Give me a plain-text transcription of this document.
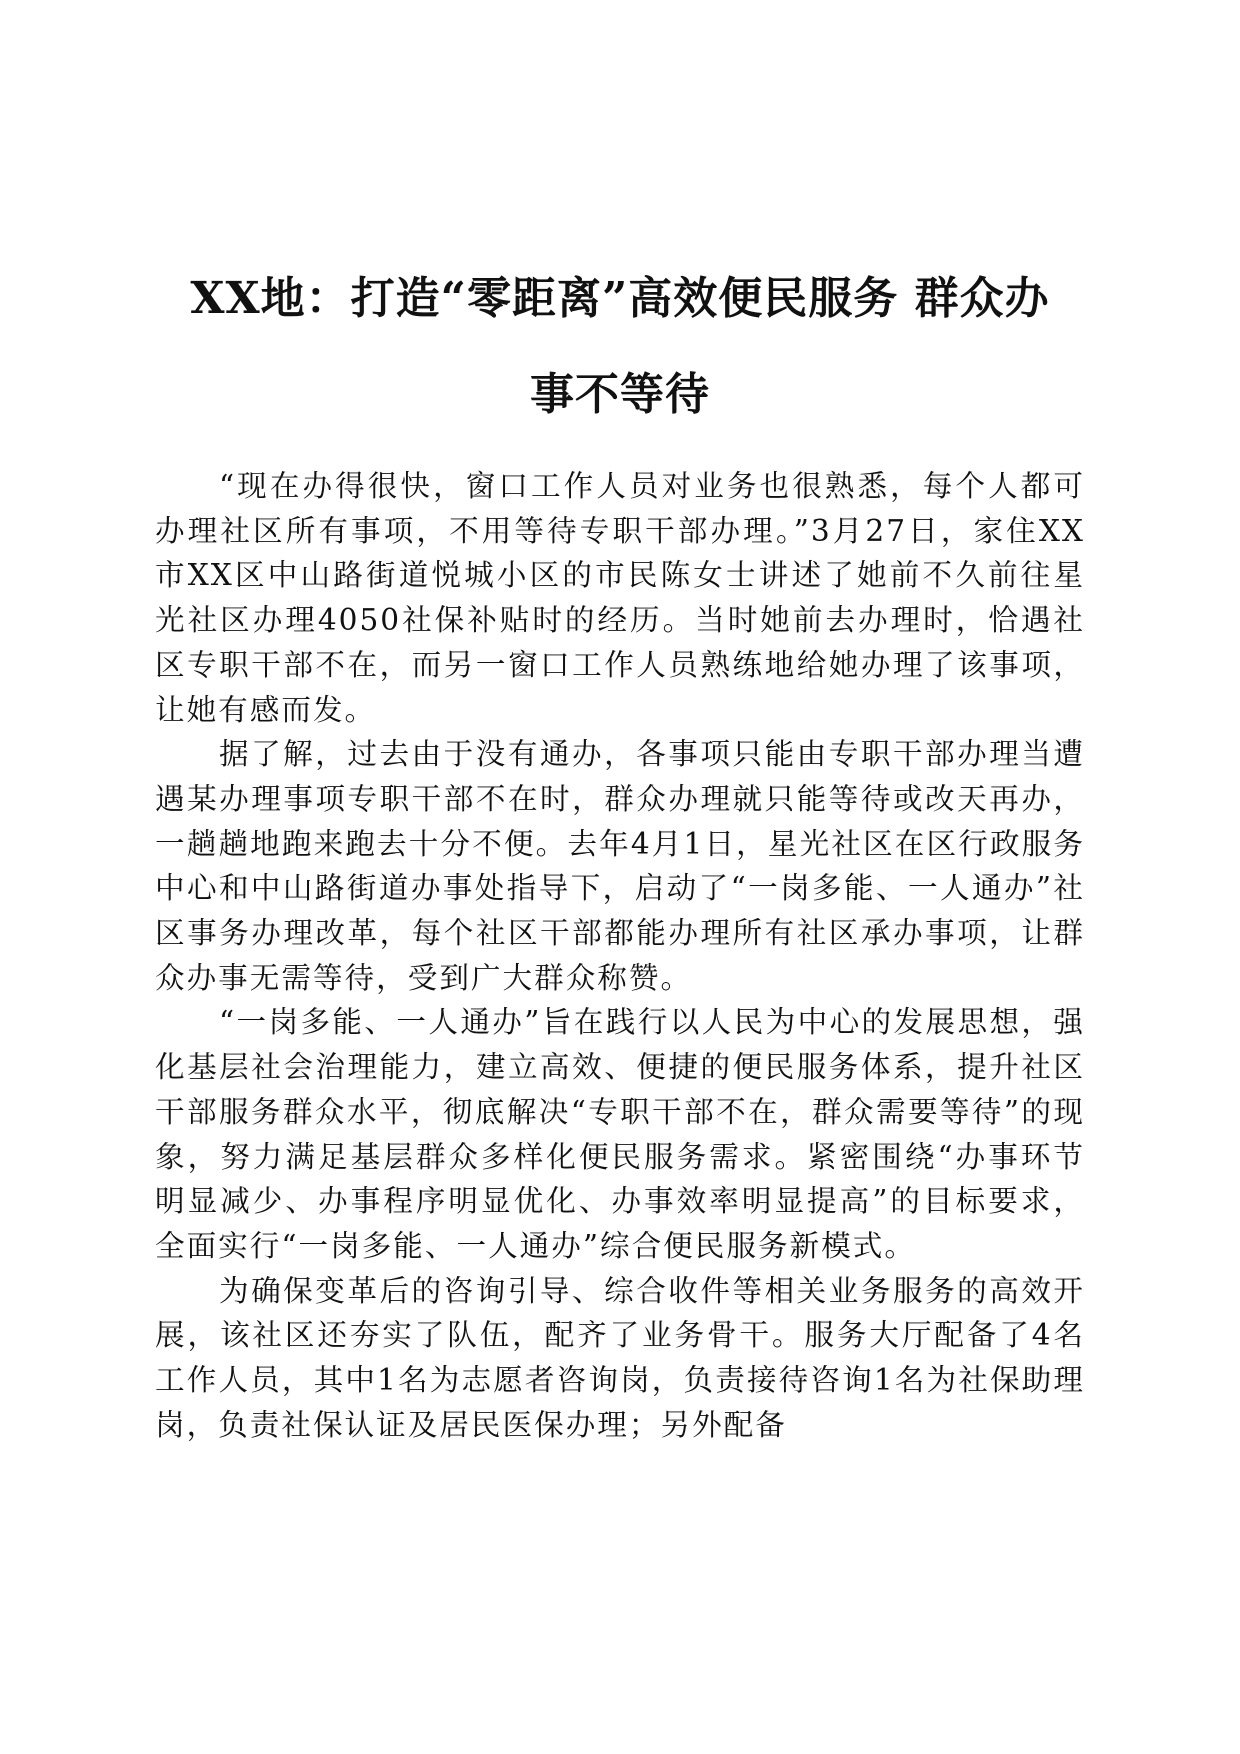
XX地：打造“零距离”高效便民服务 群众办
事不等待

“现在办得很快，窗口工作人员对业务也很熟悉，每个人都可办理社区所有事项，不用等待专职干部办理。”3月27日，家住XX市XX区中山路街道悦城小区的市民陈女士讲述了她前不久前往星光社区办理4050社保补贴时的经历。当时她前去办理时，恰遇社区专职干部不在，而另一窗口工作人员熟练地给她办理了该事项，让她有感而发。

据了解，过去由于没有通办，各事项只能由专职干部办理当遭遇某办理事项专职干部不在时，群众办理就只能等待或改天再办，一趟趟地跑来跑去十分不便。去年4月1日，星光社区在区行政服务中心和中山路街道办事处指导下，启动了“一岗多能、一人通办”社区事务办理改革，每个社区干部都能办理所有社区承办事项，让群众办事无需等待，受到广大群众称赞。

“一岗多能、一人通办”旨在践行以人民为中心的发展思想，强化基层社会治理能力，建立高效、便捷的便民服务体系，提升社区干部服务群众水平，彻底解决“专职干部不在，群众需要等待”的现象，努力满足基层群众多样化便民服务需求。紧密围绕“办事环节明显减少、办事程序明显优化、办事效率明显提高”的目标要求，全面实行“一岗多能、一人通办”综合便民服务新模式。

为确保变革后的咨询引导、综合收件等相关业务服务的高效开展，该社区还夯实了队伍，配齐了业务骨干。服务大厅配备了4名工作人员，其中1名为志愿者咨询岗，负责接待咨询1名为社保助理岗，负责社保认证及居民医保办理；另外配备
